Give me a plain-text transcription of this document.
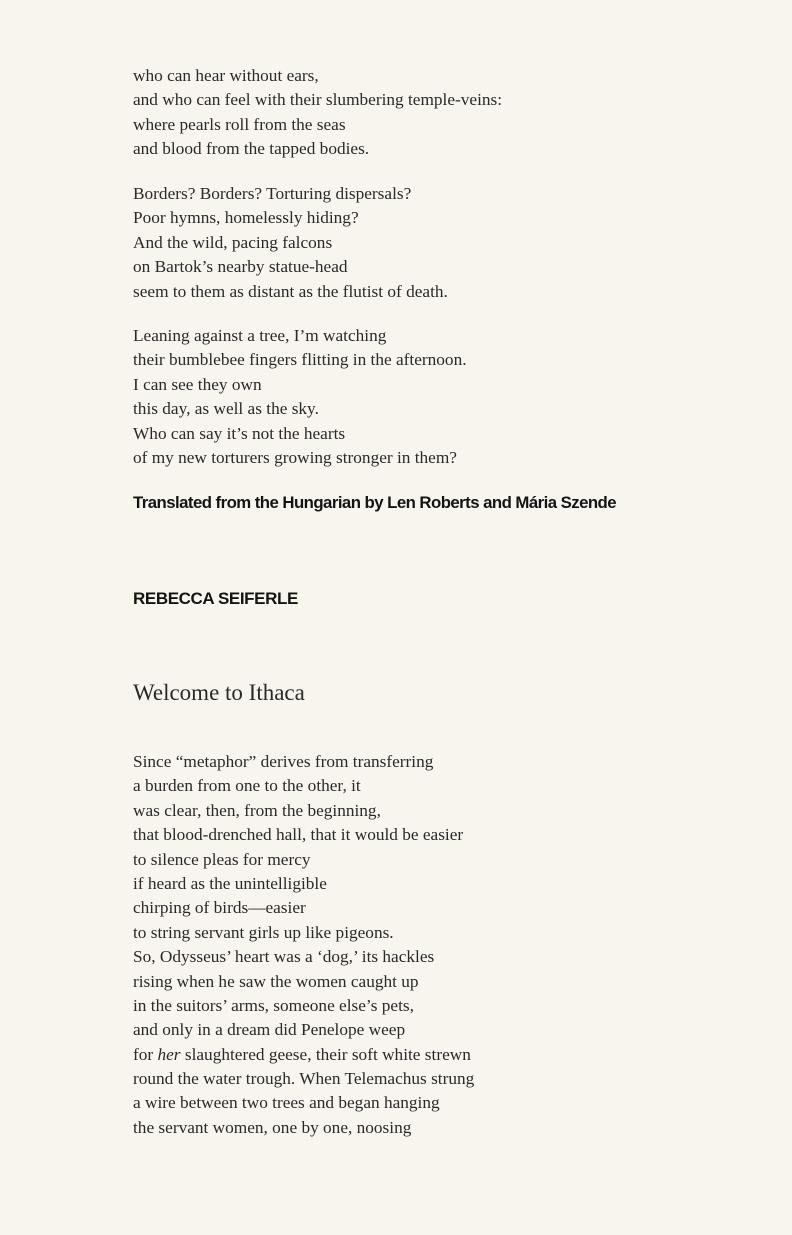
who can hear without ears,
and who can feel with their slumbering temple-veins:
where pearls roll from the seas
and blood from the tapped bodies.
Borders? Borders? Torturing dispersals?
Poor hymns, homelessly hiding?
And the wild, pacing falcons
on Bartok’s nearby statue-head
seem to them as distant as the flutist of death.
Leaning against a tree, I’m watching
their bumblebee fingers flitting in the afternoon.
I can see they own
this day, as well as the sky.
Who can say it’s not the hearts
of my new torturers growing stronger in them?
Translated from the Hungarian by Len Roberts and Mária Szende
REBECCA SEIFERLE
Welcome to Ithaca
Since “metaphor” derives from transferring
a burden from one to the other, it
was clear, then, from the beginning,
that blood-drenched hall, that it would be easier
to silence pleas for mercy
if heard as the unintelligible
chirping of birds—easier
to string servant girls up like pigeons.
So, Odysseus’ heart was a ‘dog,’ its hackles
rising when he saw the women caught up
in the suitors’ arms, someone else’s pets,
and only in a dream did Penelope weep
for her slaughtered geese, their soft white strewn
round the water trough. When Telemachus strung
a wire between two trees and began hanging
the servant women, one by one, noosing
